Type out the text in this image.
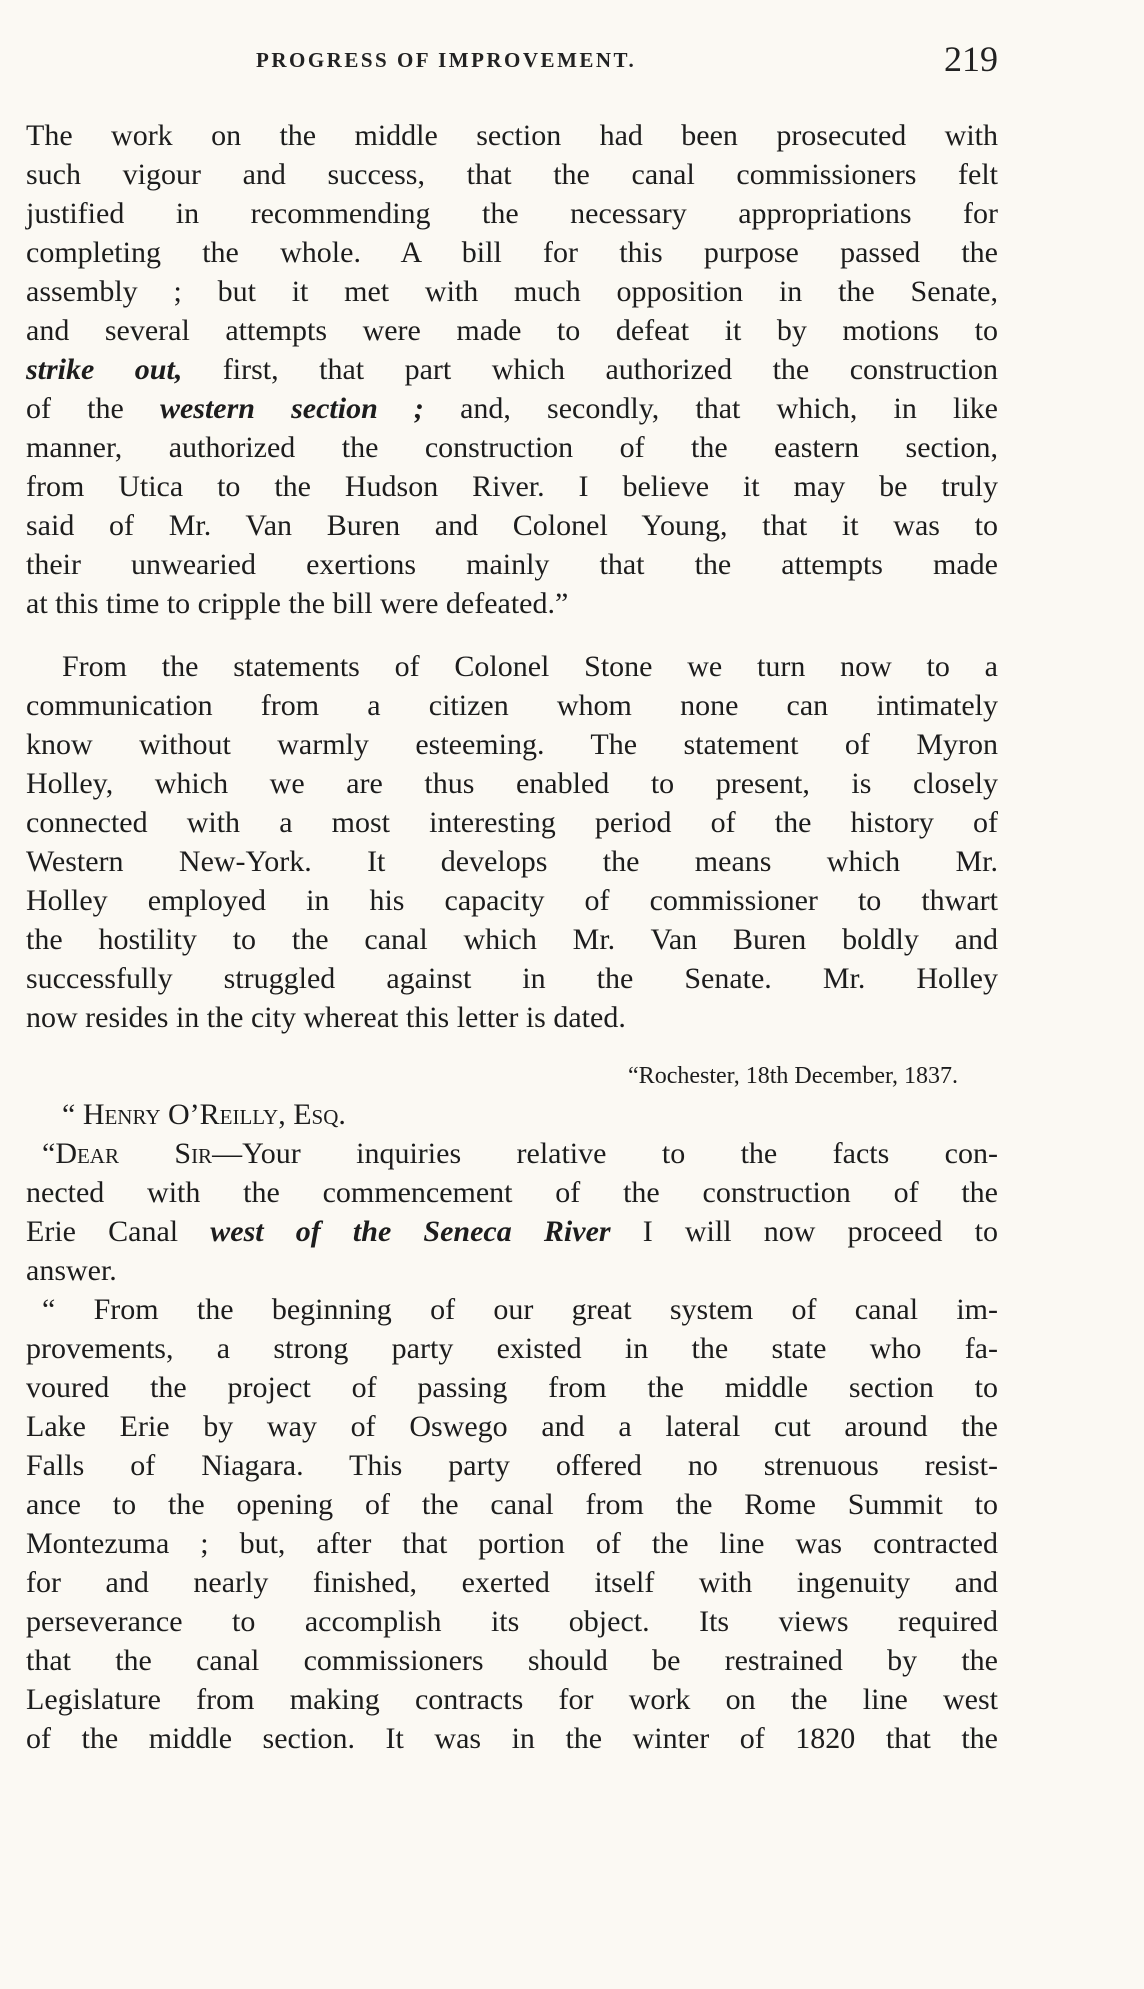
PROGRESS OF IMPROVEMENT.	219
The work on the middle section had been prosecuted with
such vigour and success, that the canal commissioners felt
justified in recommending the necessary appropriations for
completing the whole. A bill for this purpose passed the
assembly ; but it met with much opposition in the Senate,
and several attempts were made to defeat it by motions to
strike out, first, that part which authorized the construction
of the western section ; and, secondly, that which, in like
manner, authorized the construction of the eastern section,
from Utica to the Hudson River. I believe it may be truly
said of Mr. Van Buren and Colonel Young, that it was to
their unwearied exertions mainly that the attempts made
at this time to cripple the bill were defeated.”
From the statements of Colonel Stone we turn now to a
communication from a citizen whom none can intimately
know without warmly esteeming. The statement of Myron
Holley, which we are thus enabled to present, is closely
connected with a most interesting period of the history of
Western New-York. It develops the means which Mr.
Holley employed in his capacity of commissioner to thwart
the hostility to the canal which Mr. Van Buren boldly and
successfully struggled against in the Senate. Mr. Holley
now resides in the city whereat this letter is dated.
“Rochester, 18th December, 1837.
“ Henry O’Reilly, Esq.
“Dear Sir—Your inquiries relative to the facts con-
nected with the commencement of the construction of the
Erie Canal west of the Seneca River I will now proceed to
answer.
“ From the beginning of our great system of canal im-
provements, a strong party existed in the state who fa-
voured the project of passing from the middle section to
Lake Erie by way of Oswego and a lateral cut around the
Falls of Niagara. This party offered no strenuous resist-
ance to the opening of the canal from the Rome Summit to
Montezuma ; but, after that portion of the line was contracted
for and nearly finished, exerted itself with ingenuity and
perseverance to accomplish its object. Its views required
that the canal commissioners should be restrained by the
Legislature from making contracts for work on the line west
of the middle section. It was in the winter of 1820 that the
